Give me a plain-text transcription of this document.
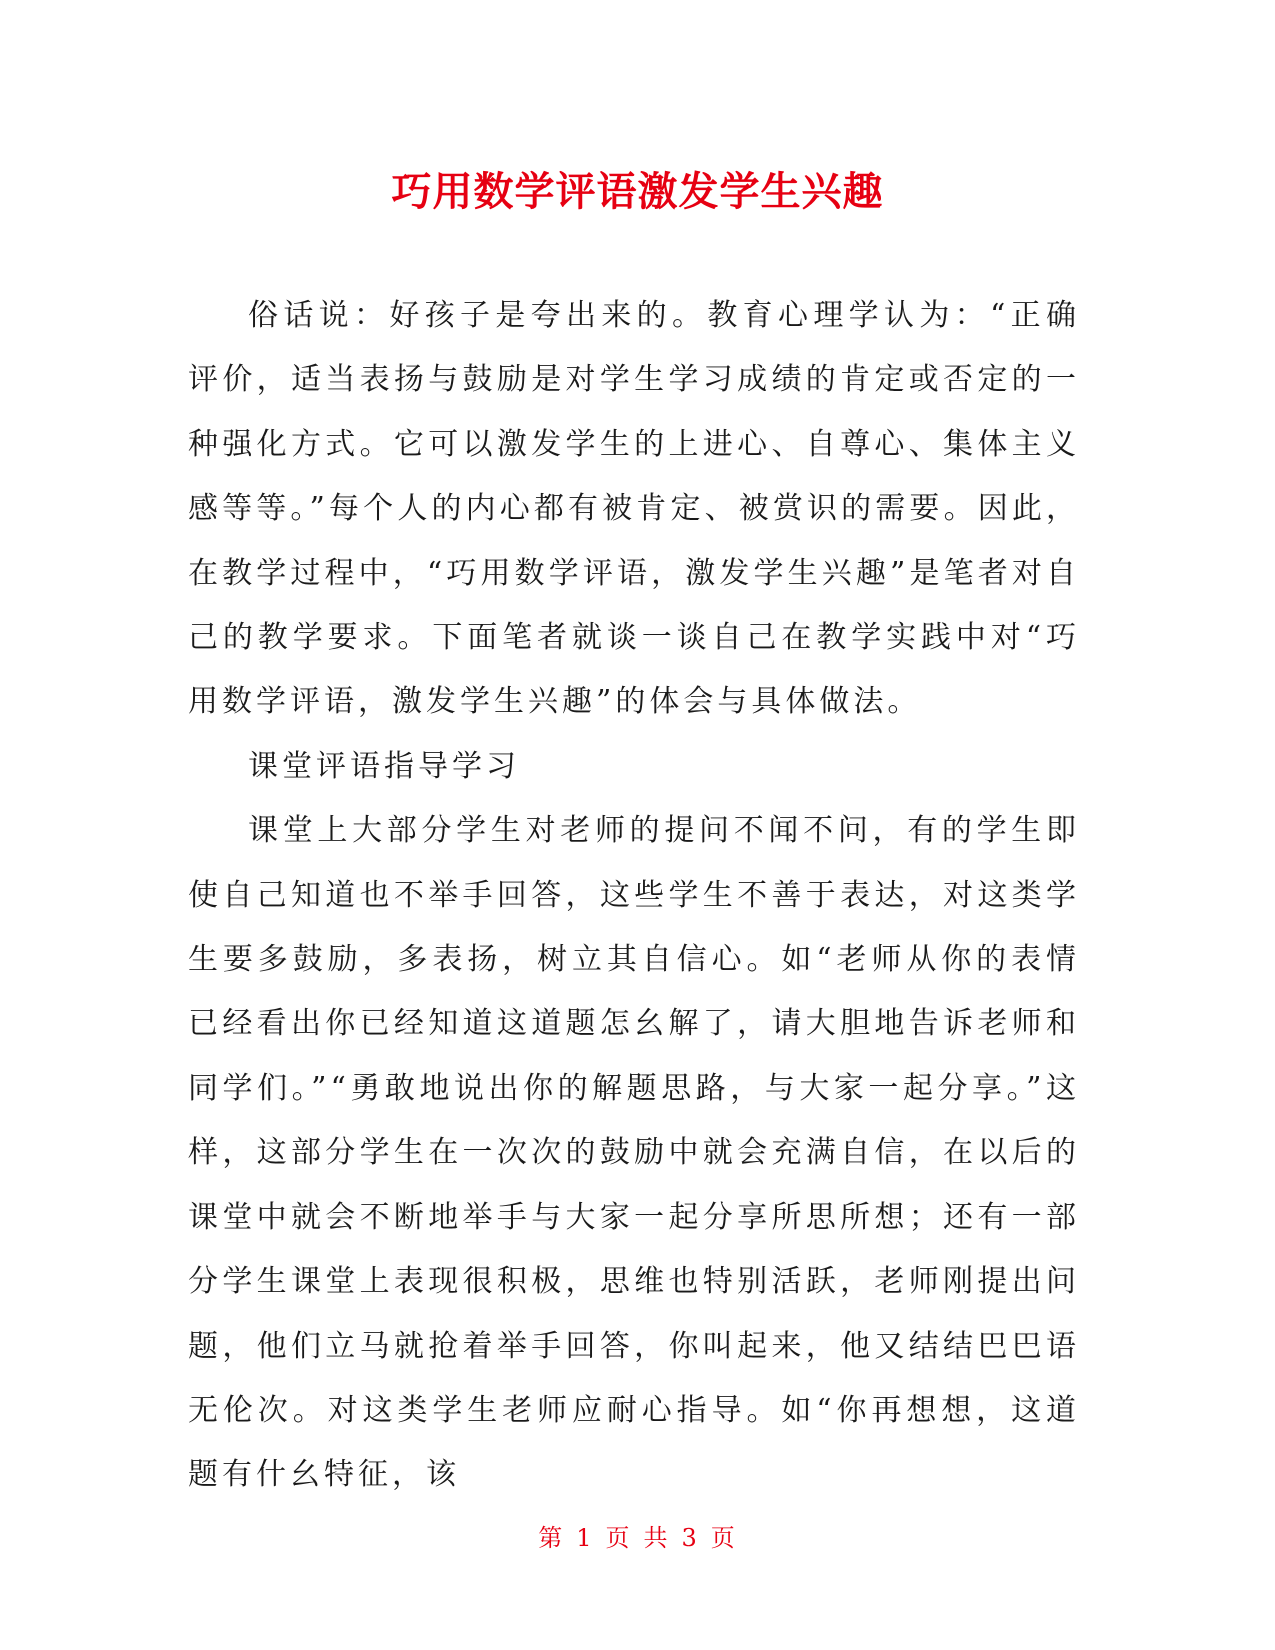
巧用数学评语激发学生兴趣

俗话说：好孩子是夸出来的。教育心理学认为：“正确评价，适当表扬与鼓励是对学生学习成绩的肯定或否定的一种强化方式。它可以激发学生的上进心、自尊心、集体主义感等等。”每个人的内心都有被肯定、被赏识的需要。因此，在教学过程中，“巧用数学评语，激发学生兴趣”是笔者对自己的教学要求。下面笔者就谈一谈自己在教学实践中对“巧用数学评语，激发学生兴趣”的体会与具体做法。

课堂评语指导学习

课堂上大部分学生对老师的提问不闻不问，有的学生即使自己知道也不举手回答，这些学生不善于表达，对这类学生要多鼓励，多表扬，树立其自信心。如“老师从你的表情已经看出你已经知道这道题怎幺解了，请大胆地告诉老师和同学们。”“勇敢地说出你的解题思路，与大家一起分享。”这样，这部分学生在一次次的鼓励中就会充满自信，在以后的课堂中就会不断地举手与大家一起分享所思所想；还有一部分学生课堂上表现很积极，思维也特别活跃，老师刚提出问题，他们立马就抢着举手回答，你叫起来，他又结结巴巴语无伦次。对这类学生老师应耐心指导。如“你再想想，这道题有什幺特征，该

第 1 页 共 3 页
